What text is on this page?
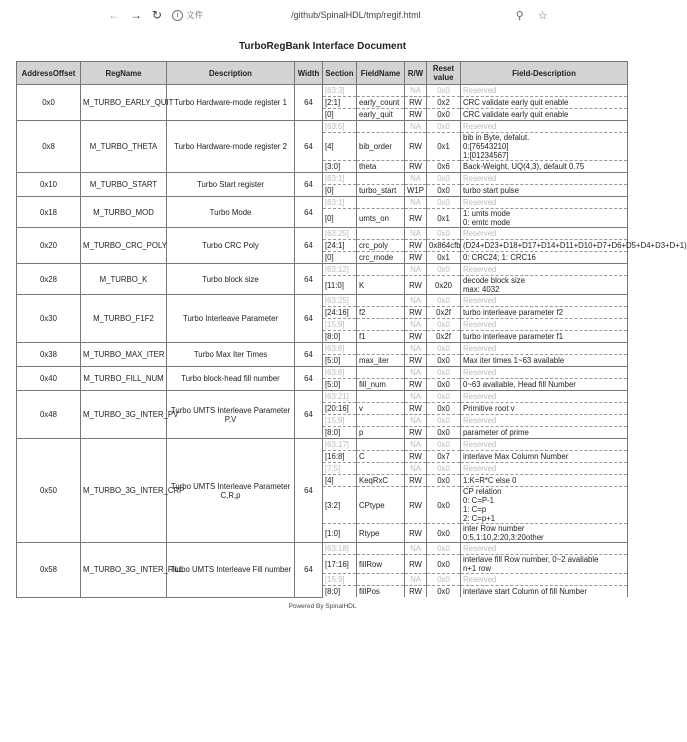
← → ↻	i 文件	/github/SpinalHDL/tmp/regif.html	⚲ ☆
TurboRegBank Interface Document
AddressOffset	RegName	Description	Width	Section	FieldName	R/W	Reset value	Field-Description
0x0	M_TURBO_EARLY_QUIT	Turbo Hardware-mode register 1	64	[63:3]		NA	0x0	Reserved
				[2:1]	early_count	RW	0x2	CRC validate early quit enable
				[0]	early_quit	RW	0x0	CRC validate early quit enable
0x8	M_TURBO_THETA	Turbo Hardware-mode register 2	64	[63:5]		NA	0x0	Reserved
				[4]	bib_order	RW	0x1	bib in Byte, defalut.
0:[76543210]
1:[01234567]
				[3:0]	theta	RW	0x6	Back-Weight, UQ(4,3), default 0.75
0x10	M_TURBO_START	Turbo Start register	64	[63:1]		NA	0x0	Reserved
				[0]	turbo_start	W1P	0x0	turbo start pulse
0x18	M_TURBO_MOD	Turbo Mode	64	[63:1]		NA	0x0	Reserved
				[0]	umts_on	RW	0x1	1: umts mode
0: emtc mode
0x20	M_TURBO_CRC_POLY	Turbo CRC Poly	64	[63:25]		NA	0x0	Reserved
				[24:1]	crc_poly	RW	0x864cfb	(D24+D23+D18+D17+D14+D11+D10+D7+D6+D5+D4+D3+D+1)
				[0]	crc_mode	RW	0x1	0: CRC24; 1: CRC16
0x28	M_TURBO_K	Turbo block size	64	[63:12]		NA	0x0	Reserved
				[11:0]	K	RW	0x20	decode block size
max: 4032
0x30	M_TURBO_F1F2	Turbo Interleave Parameter	64	[63:25]		NA	0x0	Reserved
				[24:16]	f2	RW	0x2f	turbo interleave parameter f2
				[15:9]		NA	0x0	Reserved
				[8:0]	f1	RW	0x2f	turbo interleave parameter f1
0x38	M_TURBO_MAX_ITER	Turbo Max Iter Times	64	[63:6]		NA	0x0	Reserved
				[5:0]	max_iter	RW	0x0	Max iter times 1~63 available
0x40	M_TURBO_FILL_NUM	Turbo block-head fill number	64	[63:6]		NA	0x0	Reserved
				[5:0]	fill_num	RW	0x0	0~63 avaliable, Head fill Number
0x48	M_TURBO_3G_INTER_PV	Turbo UMTS Interleave Parameter P,V	64	[63:21]		NA	0x0	Reserved
				[20:16]	v	RW	0x0	Primitive root v
				[15:9]		NA	0x0	Reserved
				[8:0]	p	RW	0x0	parameter of prime
0x50	M_TURBO_3G_INTER_CRP	Turbo UMTS Interleave Parameter C,R,p	64	[63:17]		NA	0x0	Reserved
				[16:8]	C	RW	0x7	interlave Max Column Number
				[7:5]		NA	0x0	Reserved
				[4]	KeqRxC	RW	0x0	1:K=R*C else 0
				[3:2]	CPtype	RW	0x0	CP relation
0: C=P-1
1: C=p
2: C=p+1
				[1:0]	Rtype	RW	0x0	inter Row number
0:5,1:10,2:20,3:20other
0x58	M_TURBO_3G_INTER_FILL	Turbo UMTS Interleave Fill number	64	[63:18]		NA	0x0	Reserved
				[17:16]	fillRow	RW	0x0	interlave fill Row number, 0~2 avaliable
n+1 row
				[15:9]		NA	0x0	Reserved
				[8:0]	fillPos	RW	0x0	interlave start Column of fill Number
Powered By SpinalHDL
